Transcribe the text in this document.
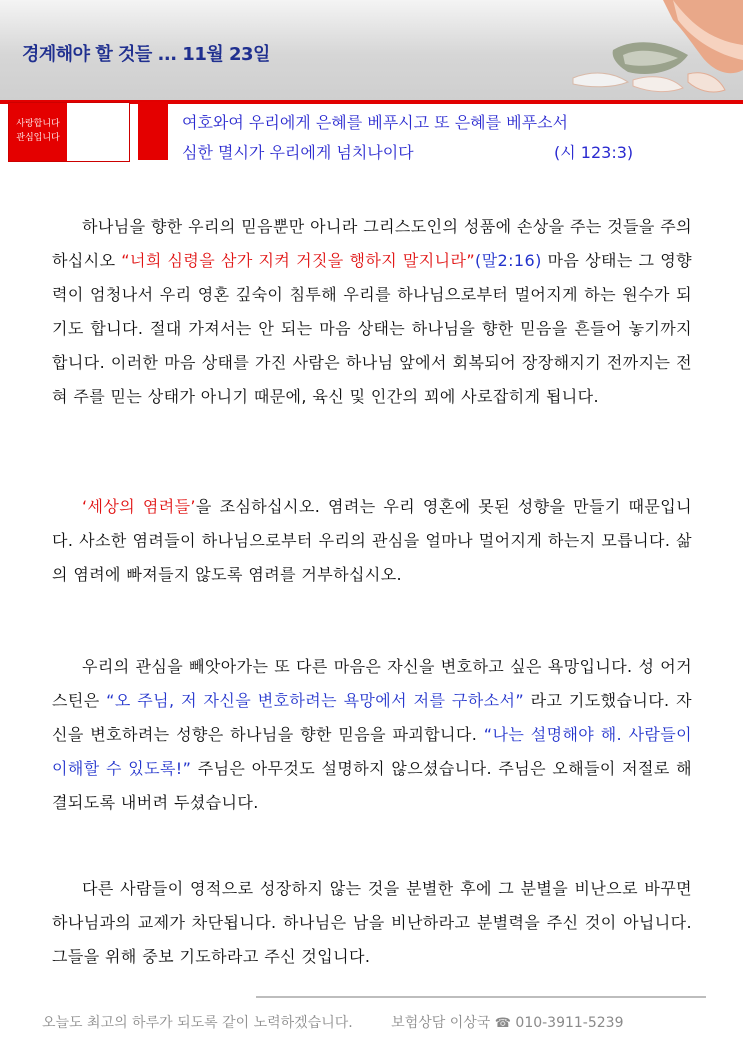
경계해야 할 것들 ... 11월 23일
사랑합니다
관심입니다
여호와여 우리에게 은혜를 베푸시고 또 은혜를 베푸소서
심한 멸시가 우리에게 넘치나이다	(시 123:3)
하나님을 향한 우리의 믿음뿐만 아니라 그리스도인의 성품에 손상을 주는 것들을 주의하십시오 “너희 심령을 삼가 지켜 거짓을 행하지 말지니라”(말2:16) 마음 상태는 그 영향력이 엄청나서 우리 영혼 깊숙이 침투해 우리를 하나님으로부터 멀어지게 하는 원수가 되기도 합니다. 절대 가져서는 안 되는 마음 상태는 하나님을 향한 믿음을 흔들어 놓기까지 합니다. 이러한 마음 상태를 가진 사람은 하나님 앞에서 회복되어 장장해지기 전까지는 전혀 주를 믿는 상태가 아니기 때문에, 육신 및 인간의 꾀에 사로잡히게 됩니다.
‘세상의 염려들’을 조심하십시오. 염려는 우리 영혼에 못된 성향을 만들기 때문입니다. 사소한 염려들이 하나님으로부터 우리의 관심을 얼마나 멀어지게 하는지 모릅니다. 삶의 염려에 빠져들지 않도록 염려를 거부하십시오.
우리의 관심을 빼앗아가는 또 다른 마음은 자신을 변호하고 싶은 욕망입니다. 성 어거스틴은 “오 주님, 저 자신을 변호하려는 욕망에서 저를 구하소서” 라고 기도했습니다. 자신을 변호하려는 성향은 하나님을 향한 믿음을 파괴합니다. “나는 설명해야 해. 사람들이 이해할 수 있도록!” 주님은 아무것도 설명하지 않으셨습니다. 주님은 오해들이 저절로 해결되도록 내버려 두셨습니다.
다른 사람들이 영적으로 성장하지 않는 것을 분별한 후에 그 분별을 비난으로 바꾸면 하나님과의 교제가 차단됩니다. 하나님은 남을 비난하라고 분별력을 주신 것이 아닙니다. 그들을 위해 중보 기도하라고 주신 것입니다.
오늘도 최고의 하루가 되도록 같이 노력하겠습니다.	보험상담 이상국 ☎ 010-3911-5239
